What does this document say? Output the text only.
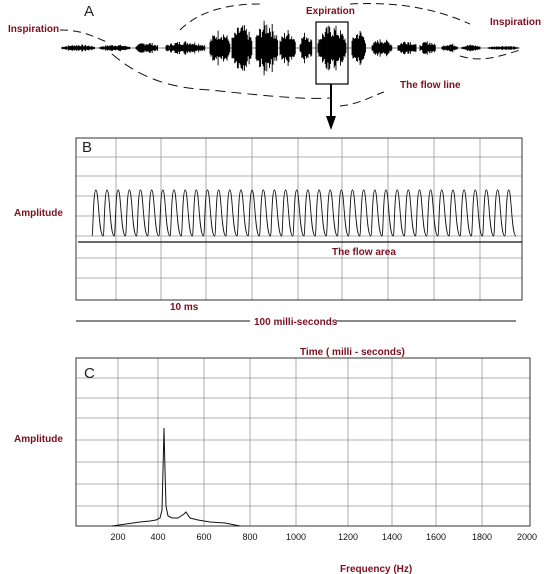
A
Inspiration
Expiration
Inspiration
The flow line
B
Amplitude
The flow area
10 ms
100 milli-seconds
Time ( milli - seconds)
C
Amplitude
200	400	600	800	1000	1200	1400	1600	1800	2000
Frequency (Hz)
